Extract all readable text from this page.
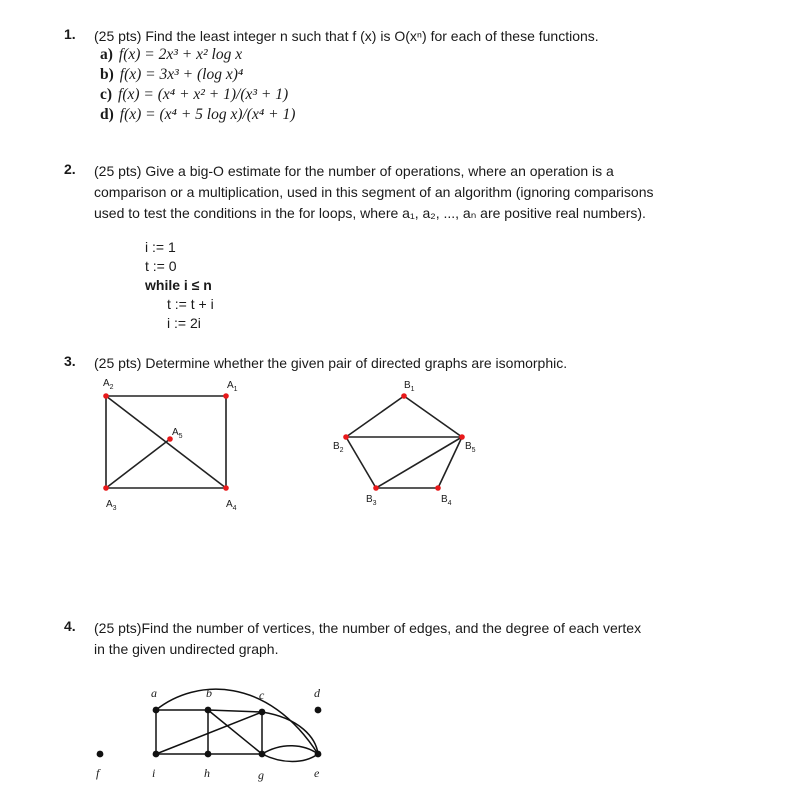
1. (25 pts) Find the least integer n such that f (x) is O(xⁿ) for each of these functions.
a) f(x) = 2x³ + x² log x
b) f(x) = 3x³ + (log x)⁴
c) f(x) = (x⁴ + x² + 1)/(x³ + 1)
d) f(x) = (x⁴ + 5 log x)/(x⁴ + 1)
2. (25 pts) Give a big-O estimate for the number of operations, where an operation is a
comparison or a multiplication, used in this segment of an algorithm (ignoring comparisons
used to test the conditions in the for loops, where a₁, a₂, ..., aₙ are positive real numbers).
i := 1
t := 0
while i ≤ n
t := t + i
i := 2i
3. (25 pts) Determine whether the given pair of directed graphs are isomorphic.
$A_2$	$A_1$
$A_5$
$A_3$	$A_4$
$B_1$
$B_2$	$B_5$
$B_3$	$B_4$
4. (25 pts)Find the number of vertices, the number of edges, and the degree of each vertex
in the given undirected graph.
a	b	c	d
f	i	h	g	e
